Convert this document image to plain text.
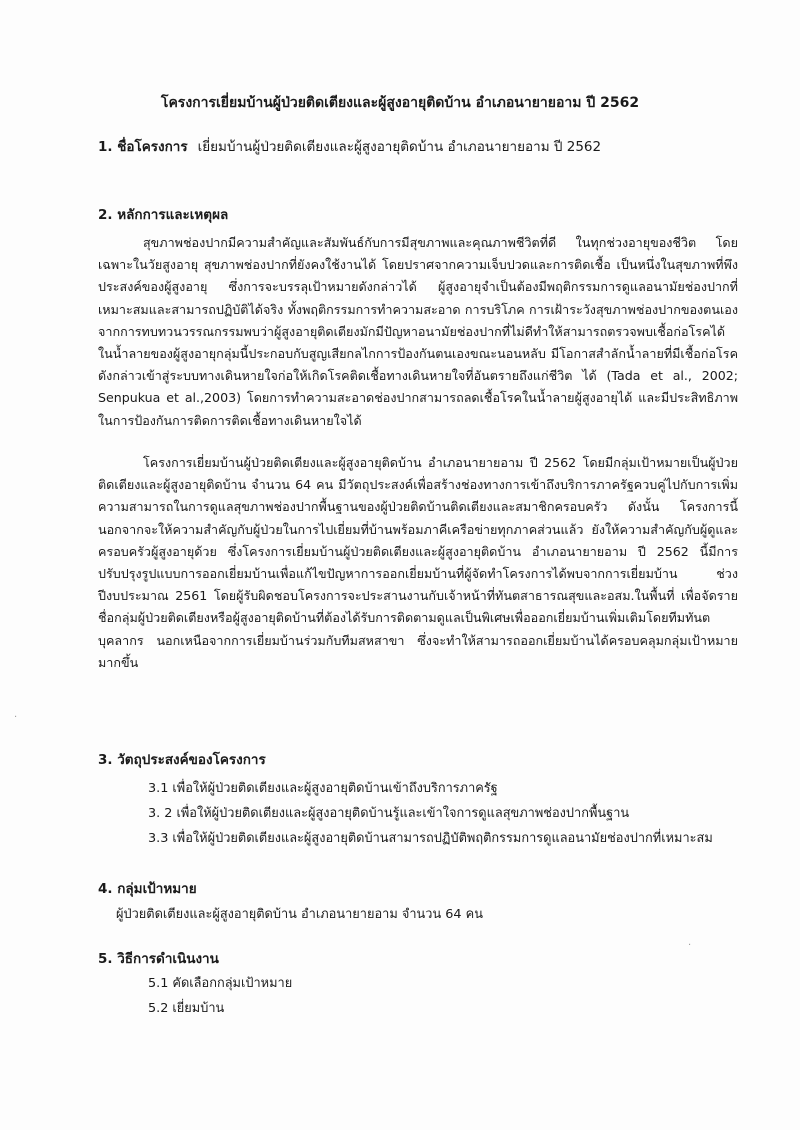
โครงการเยี่ยมบ้านผู้ป่วยติดเตียงและผู้สูงอายุติดบ้าน อำเภอนายายอาม ปี 2562
1. ชื่อโครงการ เยี่ยมบ้านผู้ป่วยติดเตียงและผู้สูงอายุติดบ้าน อำเภอนายายอาม ปี 2562
2. หลักการและเหตุผล

สุขภาพช่องปากมีความสำคัญและสัมพันธ์กับการมีสุขภาพและคุณภาพชีวิตที่ดี ในทุกช่วงอายุของชีวิต โดยเฉพาะในวัยสูงอายุ สุขภาพช่องปากที่ยังคงใช้งานได้ โดยปราศจากความเจ็บปวดและการติดเชื้อ เป็นหนึ่งในสุขภาพที่พึงประสงค์ของผู้สูงอายุ ซึ่งการจะบรรลุเป้าหมายดังกล่าวได้ ผู้สูงอายุจำเป็นต้องมีพฤติกรรมการดูแลอนามัยช่องปากที่เหมาะสมและสามารถปฏิบัติได้จริง ทั้งพฤติกรรมการทำความสะอาด การบริโภค การเฝ้าระวังสุขภาพช่องปากของตนเอง จากการทบทวนวรรณกรรมพบว่าผู้สูงอายุติดเตียงมักมีปัญหาอนามัยช่องปากที่ไม่ดีทำให้สามารถตรวจพบเชื้อก่อโรคได้ในน้ำลายของผู้สูงอายุกลุ่มนี้ประกอบกับสูญเสียกลไกการป้องกันตนเองขณะนอนหลับ มีโอกาสสำลักน้ำลายที่มีเชื้อก่อโรคดังกล่าวเข้าสู่ระบบทางเดินหายใจก่อให้เกิดโรคติดเชื้อทางเดินหายใจที่อันตรายถึงแก่ชีวิต ได้ (Tada et al., 2002; Senpukua et al.,2003) โดยการทำความสะอาดช่องปากสามารถลดเชื้อโรคในน้ำลายผู้สูงอายุได้ และมีประสิทธิภาพในการป้องกันการติดการติดเชื้อทางเดินหายใจได้

โครงการเยี่ยมบ้านผู้ป่วยติดเตียงและผู้สูงอายุติดบ้าน อำเภอนายายอาม ปี 2562 โดยมีกลุ่มเป้าหมายเป็นผู้ป่วยติดเตียงและผู้สูงอายุติดบ้าน จำนวน 64 คน มีวัตถุประสงค์เพื่อสร้างช่องทางการเข้าถึงบริการภาครัฐควบคู่ไปกับการเพิ่มความสามารถในการดูแลสุขภาพช่องปากพื้นฐานของผู้ป่วยติดบ้านติดเตียงและสมาชิกครอบครัว ดังนั้น โครงการนี้นอกจากจะให้ความสำคัญกับผู้ป่วยในการไปเยี่ยมที่บ้านพร้อมภาคีเครือข่ายทุกภาคส่วนแล้ว ยังให้ความสำคัญกับผู้ดูและครอบครัวผู้สูงอายุด้วย ซึ่งโครงการเยี่ยมบ้านผู้ป่วยติดเตียงและผู้สูงอายุติดบ้าน อำเภอนายายอาม ปี 2562 นี้มีการปรับปรุงรูปแบบการออกเยี่ยมบ้านเพื่อแก้ไขปัญหาการออกเยี่ยมบ้านที่ผู้จัดทำโครงการได้พบจากการเยี่ยมบ้าน ช่วงปีงบประมาณ 2561 โดยผู้รับผิดชอบโครงการจะประสานงานกับเจ้าหน้าที่ทันตสาธารณสุขและอสม.ในพื้นที่ เพื่อจัดรายชื่อกลุ่มผู้ป่วยติดเตียงหรือผู้สูงอายุติดบ้านที่ต้องได้รับการติดตามดูแลเป็นพิเศษเพื่อออกเยี่ยมบ้านเพิ่มเติมโดยทีมทันตบุคลากร นอกเหนือจากการเยี่ยมบ้านร่วมกับทีมสหสาขา ซึ่งจะทำให้สามารถออกเยี่ยมบ้านได้ครอบคลุมกลุ่มเป้าหมายมากขึ้น

3. วัตถุประสงค์ของโครงการ
3.1 เพื่อให้ผู้ป่วยติดเตียงและผู้สูงอายุติดบ้านเข้าถึงบริการภาครัฐ
3. 2 เพื่อให้ผู้ป่วยติดเตียงและผู้สูงอายุติดบ้านรู้และเข้าใจการดูแลสุขภาพช่องปากพื้นฐาน
3.3 เพื่อให้ผู้ป่วยติดเตียงและผู้สูงอายุติดบ้านสามารถปฏิบัติพฤติกรรมการดูแลอนามัยช่องปากที่เหมาะสม
4. กลุ่มเป้าหมาย
ผู้ป่วยติดเตียงและผู้สูงอายุติดบ้าน อำเภอนายายอาม จำนวน 64 คน
5. วิธีการดำเนินงาน
5.1 คัดเลือกกลุ่มเป้าหมาย
5.2 เยี่ยมบ้าน
·
·
